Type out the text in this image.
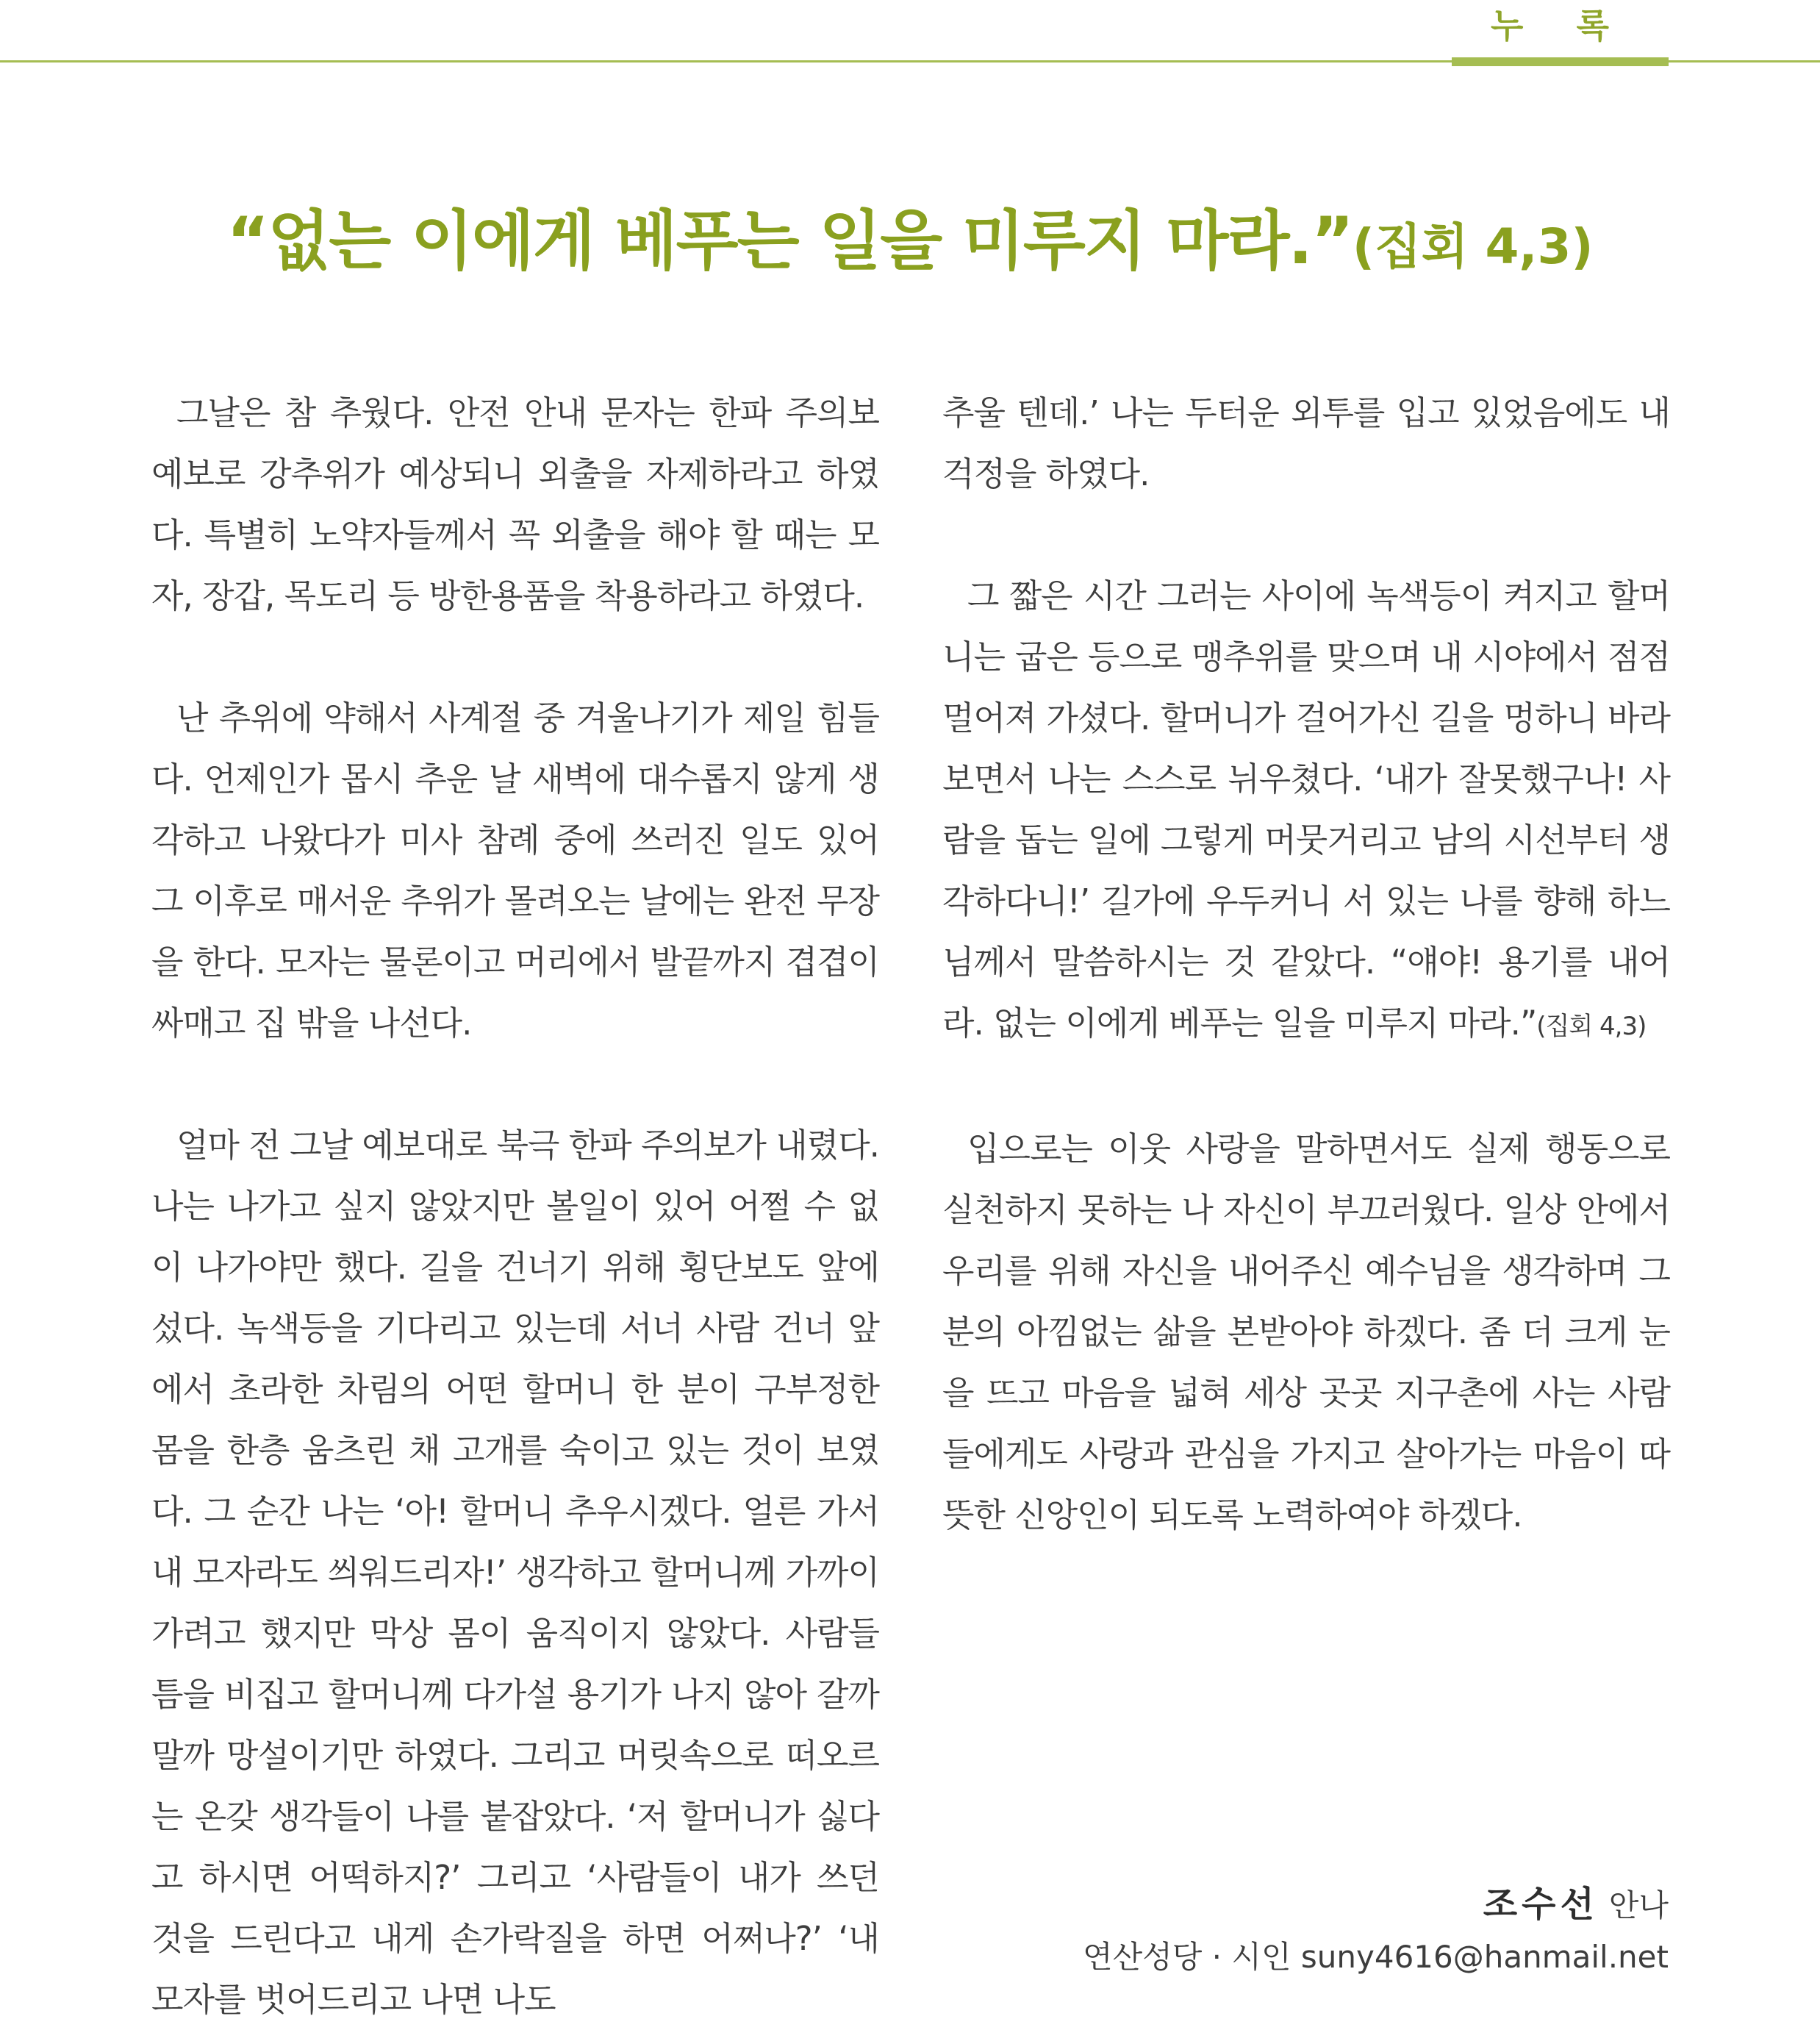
누 록
“없는 이에게 베푸는 일을 미루지 마라.”(집회 4,3)

그날은 참 추웠다. 안전 안내 문자는 한파 주의보 예보로 강추위가 예상되니 외출을 자제하라고 하였다. 특별히 노약자들께서 꼭 외출을 해야 할 때는 모자, 장갑, 목도리 등 방한용품을 착용하라고 하였다.

난 추위에 약해서 사계절 중 겨울나기가 제일 힘들다. 언제인가 몹시 추운 날 새벽에 대수롭지 않게 생각하고 나왔다가 미사 참례 중에 쓰러진 일도 있어 그 이후로 매서운 추위가 몰려오는 날에는 완전 무장을 한다. 모자는 물론이고 머리에서 발끝까지 겹겹이 싸매고 집 밖을 나선다.

얼마 전 그날 예보대로 북극 한파 주의보가 내렸다. 나는 나가고 싶지 않았지만 볼일이 있어 어쩔 수 없이 나가야만 했다. 길을 건너기 위해 횡단보도 앞에 섰다. 녹색등을 기다리고 있는데 서너 사람 건너 앞에서 초라한 차림의 어떤 할머니 한 분이 구부정한 몸을 한층 움츠린 채 고개를 숙이고 있는 것이 보였다. 그 순간 나는 ‘아! 할머니 추우시겠다. 얼른 가서 내 모자라도 씌워드리자!’ 생각하고 할머니께 가까이 가려고 했지만 막상 몸이 움직이지 않았다. 사람들 틈을 비집고 할머니께 다가설 용기가 나지 않아 갈까 말까 망설이기만 하였다. 그리고 머릿속으로 떠오르는 온갖 생각들이 나를 붙잡았다. ‘저 할머니가 싫다고 하시면 어떡하지?’ 그리고 ‘사람들이 내가 쓰던 것을 드린다고 내게 손가락질을 하면 어쩌나?’ ‘내 모자를 벗어드리고 나면 나도

추울 텐데.’ 나는 두터운 외투를 입고 있었음에도 내 걱정을 하였다.

그 짧은 시간 그러는 사이에 녹색등이 켜지고 할머니는 굽은 등으로 맹추위를 맞으며 내 시야에서 점점 멀어져 가셨다. 할머니가 걸어가신 길을 멍하니 바라보면서 나는 스스로 뉘우쳤다. ‘내가 잘못했구나! 사람을 돕는 일에 그렇게 머뭇거리고 남의 시선부터 생각하다니!’ 길가에 우두커니 서 있는 나를 향해 하느님께서 말씀하시는 것 같았다. “얘야! 용기를 내어라. 없는 이에게 베푸는 일을 미루지 마라.”(집회 4,3)

입으로는 이웃 사랑을 말하면서도 실제 행동으로 실천하지 못하는 나 자신이 부끄러웠다. 일상 안에서 우리를 위해 자신을 내어주신 예수님을 생각하며 그분의 아낌없는 삶을 본받아야 하겠다. 좀 더 크게 눈을 뜨고 마음을 넓혀 세상 곳곳 지구촌에 사는 사람들에게도 사랑과 관심을 가지고 살아가는 마음이 따뜻한 신앙인이 되도록 노력하여야 하겠다.

조수선 안나
연산성당 · 시인 suny4616@hanmail.net
